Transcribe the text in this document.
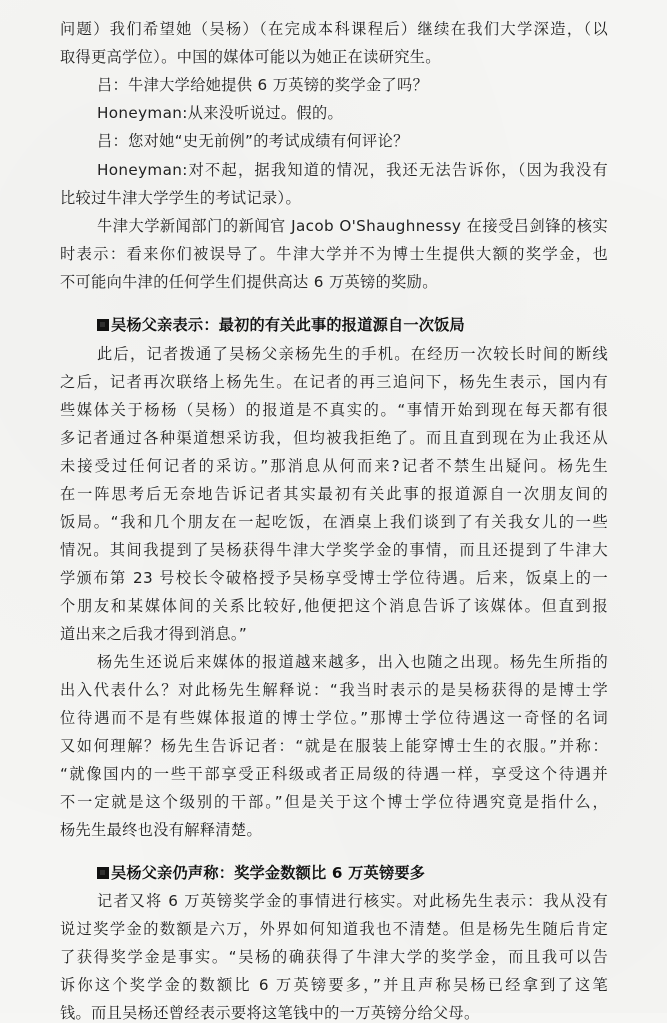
问题）我们希望她（吴杨）（在完成本科课程后）继续在我们大学深造，（以
取得更高学位）。中国的媒体可能以为她正在读研究生。
吕：牛津大学给她提供 6 万英镑的奖学金了吗？
Honeyman:从来没听说过。假的。
吕：您对她“史无前例”的考试成绩有何评论？
Honeyman:对不起，据我知道的情况，我还无法告诉你，（因为我没有
比较过牛津大学学生的考试记录）。
牛津大学新闻部门的新闻官 Jacob O'Shaughnessy 在接受吕剑锋的核实
时表示：看来你们被误导了。牛津大学并不为博士生提供大额的奖学金，也
不可能向牛津的任何学生们提供高达 6 万英镑的奖励。
吴杨父亲表示：最初的有关此事的报道源自一次饭局
此后，记者拨通了吴杨父亲杨先生的手机。在经历一次较长时间的断线
之后，记者再次联络上杨先生。在记者的再三追问下，杨先生表示，国内有
些媒体关于杨杨（吴杨）的报道是不真实的。“事情开始到现在每天都有很
多记者通过各种渠道想采访我，但均被我拒绝了。而且直到现在为止我还从
未接受过任何记者的采访。”那消息从何而来?记者不禁生出疑问。杨先生
在一阵思考后无奈地告诉记者其实最初有关此事的报道源自一次朋友间的
饭局。“我和几个朋友在一起吃饭，在酒桌上我们谈到了有关我女儿的一些
情况。其间我提到了吴杨获得牛津大学奖学金的事情，而且还提到了牛津大
学颁布第 23 号校长令破格授予吴杨享受博士学位待遇。后来，饭桌上的一
个朋友和某媒体间的关系比较好,他便把这个消息告诉了该媒体。但直到报
道出来之后我才得到消息。”
杨先生还说后来媒体的报道越来越多，出入也随之出现。杨先生所指的
出入代表什么？对此杨先生解释说：“我当时表示的是吴杨获得的是博士学
位待遇而不是有些媒体报道的博士学位。”那博士学位待遇这一奇怪的名词
又如何理解？杨先生告诉记者：“就是在服装上能穿博士生的衣服。”并称：
“就像国内的一些干部享受正科级或者正局级的待遇一样，享受这个待遇并
不一定就是这个级别的干部。”但是关于这个博士学位待遇究竟是指什么，
杨先生最终也没有解释清楚。
吴杨父亲仍声称：奖学金数额比 6 万英镑要多
记者又将 6 万英镑奖学金的事情进行核实。对此杨先生表示：我从没有
说过奖学金的数额是六万，外界如何知道我也不清楚。但是杨先生随后肯定
了获得奖学金是事实。“吴杨的确获得了牛津大学的奖学金，而且我可以告
诉你这个奖学金的数额比 6 万英镑要多，”并且声称吴杨已经拿到了这笔
钱。而且吴杨还曾经表示要将这笔钱中的一万英镑分给父母。
